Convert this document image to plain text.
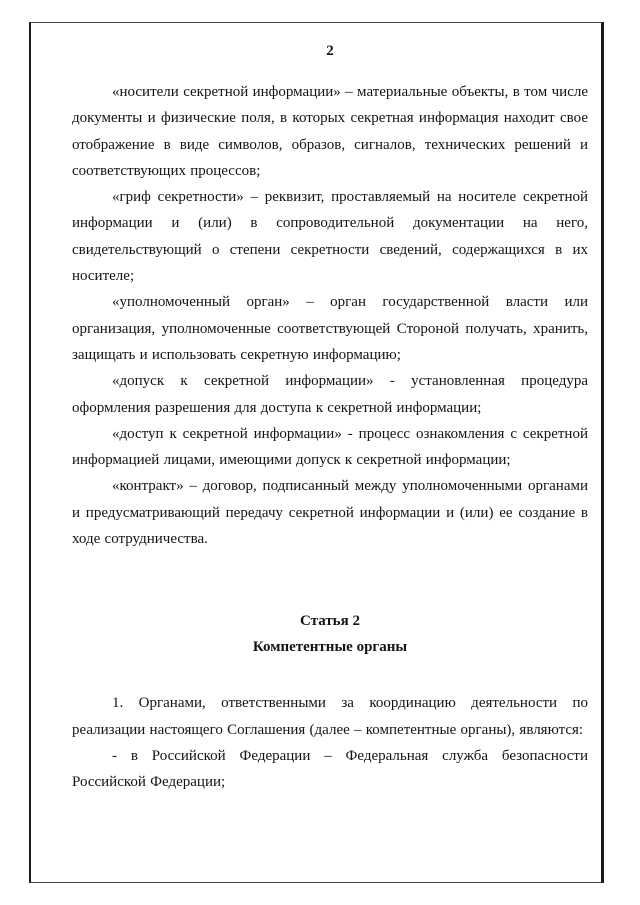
2

«носители секретной информации» – материальные объекты, в том числе документы и физические поля, в которых секретная информация находит свое отображение в виде символов, образов, сигналов, технических решений и соответствующих процессов;

«гриф секретности» – реквизит, проставляемый на носителе секретной информации и (или) в сопроводительной документации на него, свидетельствующий о степени секретности сведений, содержащихся в их носителе;

«уполномоченный орган» – орган государственной власти или организация, уполномоченные соответствующей Стороной получать, хранить, защищать и использовать секретную информацию;

«допуск к секретной информации» - установленная процедура оформления разрешения для доступа к секретной информации;

«доступ к секретной информации» - процесс ознакомления с секретной информацией лицами, имеющими допуск к секретной информации;

«контракт» – договор, подписанный между уполномоченными органами и предусматривающий передачу секретной информации и (или) ее создание в ходе сотрудничества.

Статья 2

Компетентные органы

1. Органами, ответственными за координацию деятельности по реализации настоящего Соглашения (далее – компетентные органы), являются:

- в Российской Федерации – Федеральная служба безопасности Российской Федерации;
